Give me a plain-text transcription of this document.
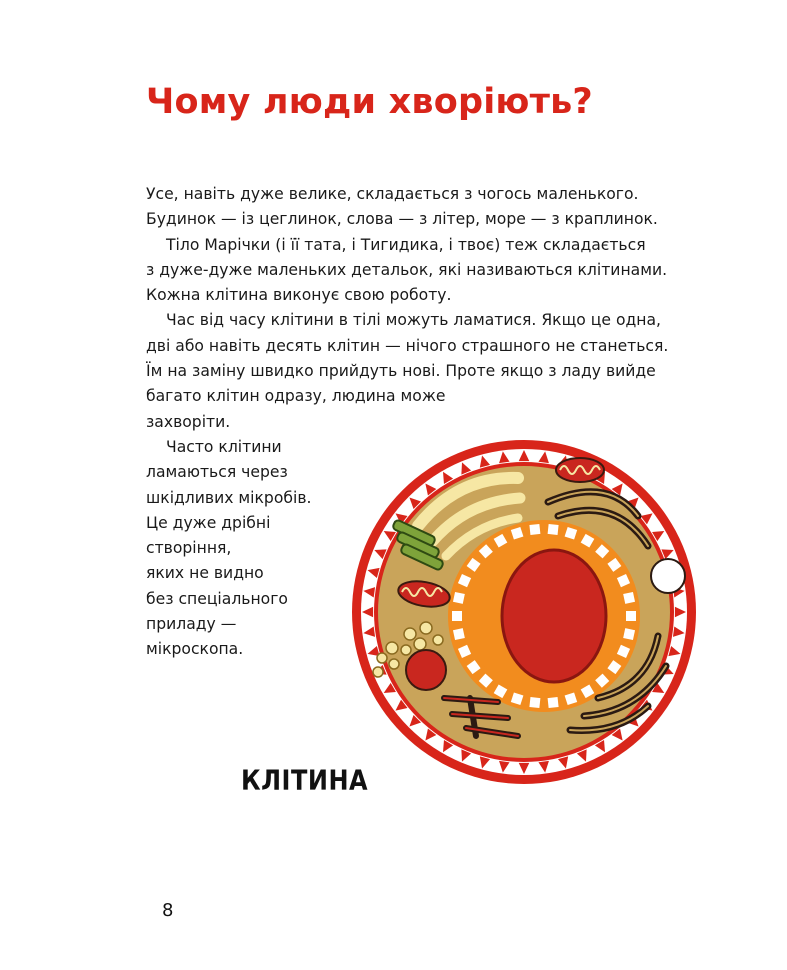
Чому люди хворіють?
Усе, навіть дуже велике, складається з чогось маленького.
Будинок — із цеглинок, слова — з літер, море — з краплинок.
Тіло Марічки (і її тата, і Тигидика, і твоє) теж складається
з дуже-дуже маленьких детальок, які називаються клітинами.
Кожна клітина виконує свою роботу.
Час від часу клітини в тілі можуть ламатися. Якщо це одна,
дві або навіть десять клітин — нічого страшного не станеться.
Їм на заміну швидко прийдуть нові. Проте якщо з ладу вийде
багато клітин одразу, людина може
захворіти.
Часто клітини
ламаються через
шкідливих мікробів.
Це дуже дрібні
створіння,
яких не видно
без спеціального
приладу —
мікроскопа.
КЛІТИНА
8
